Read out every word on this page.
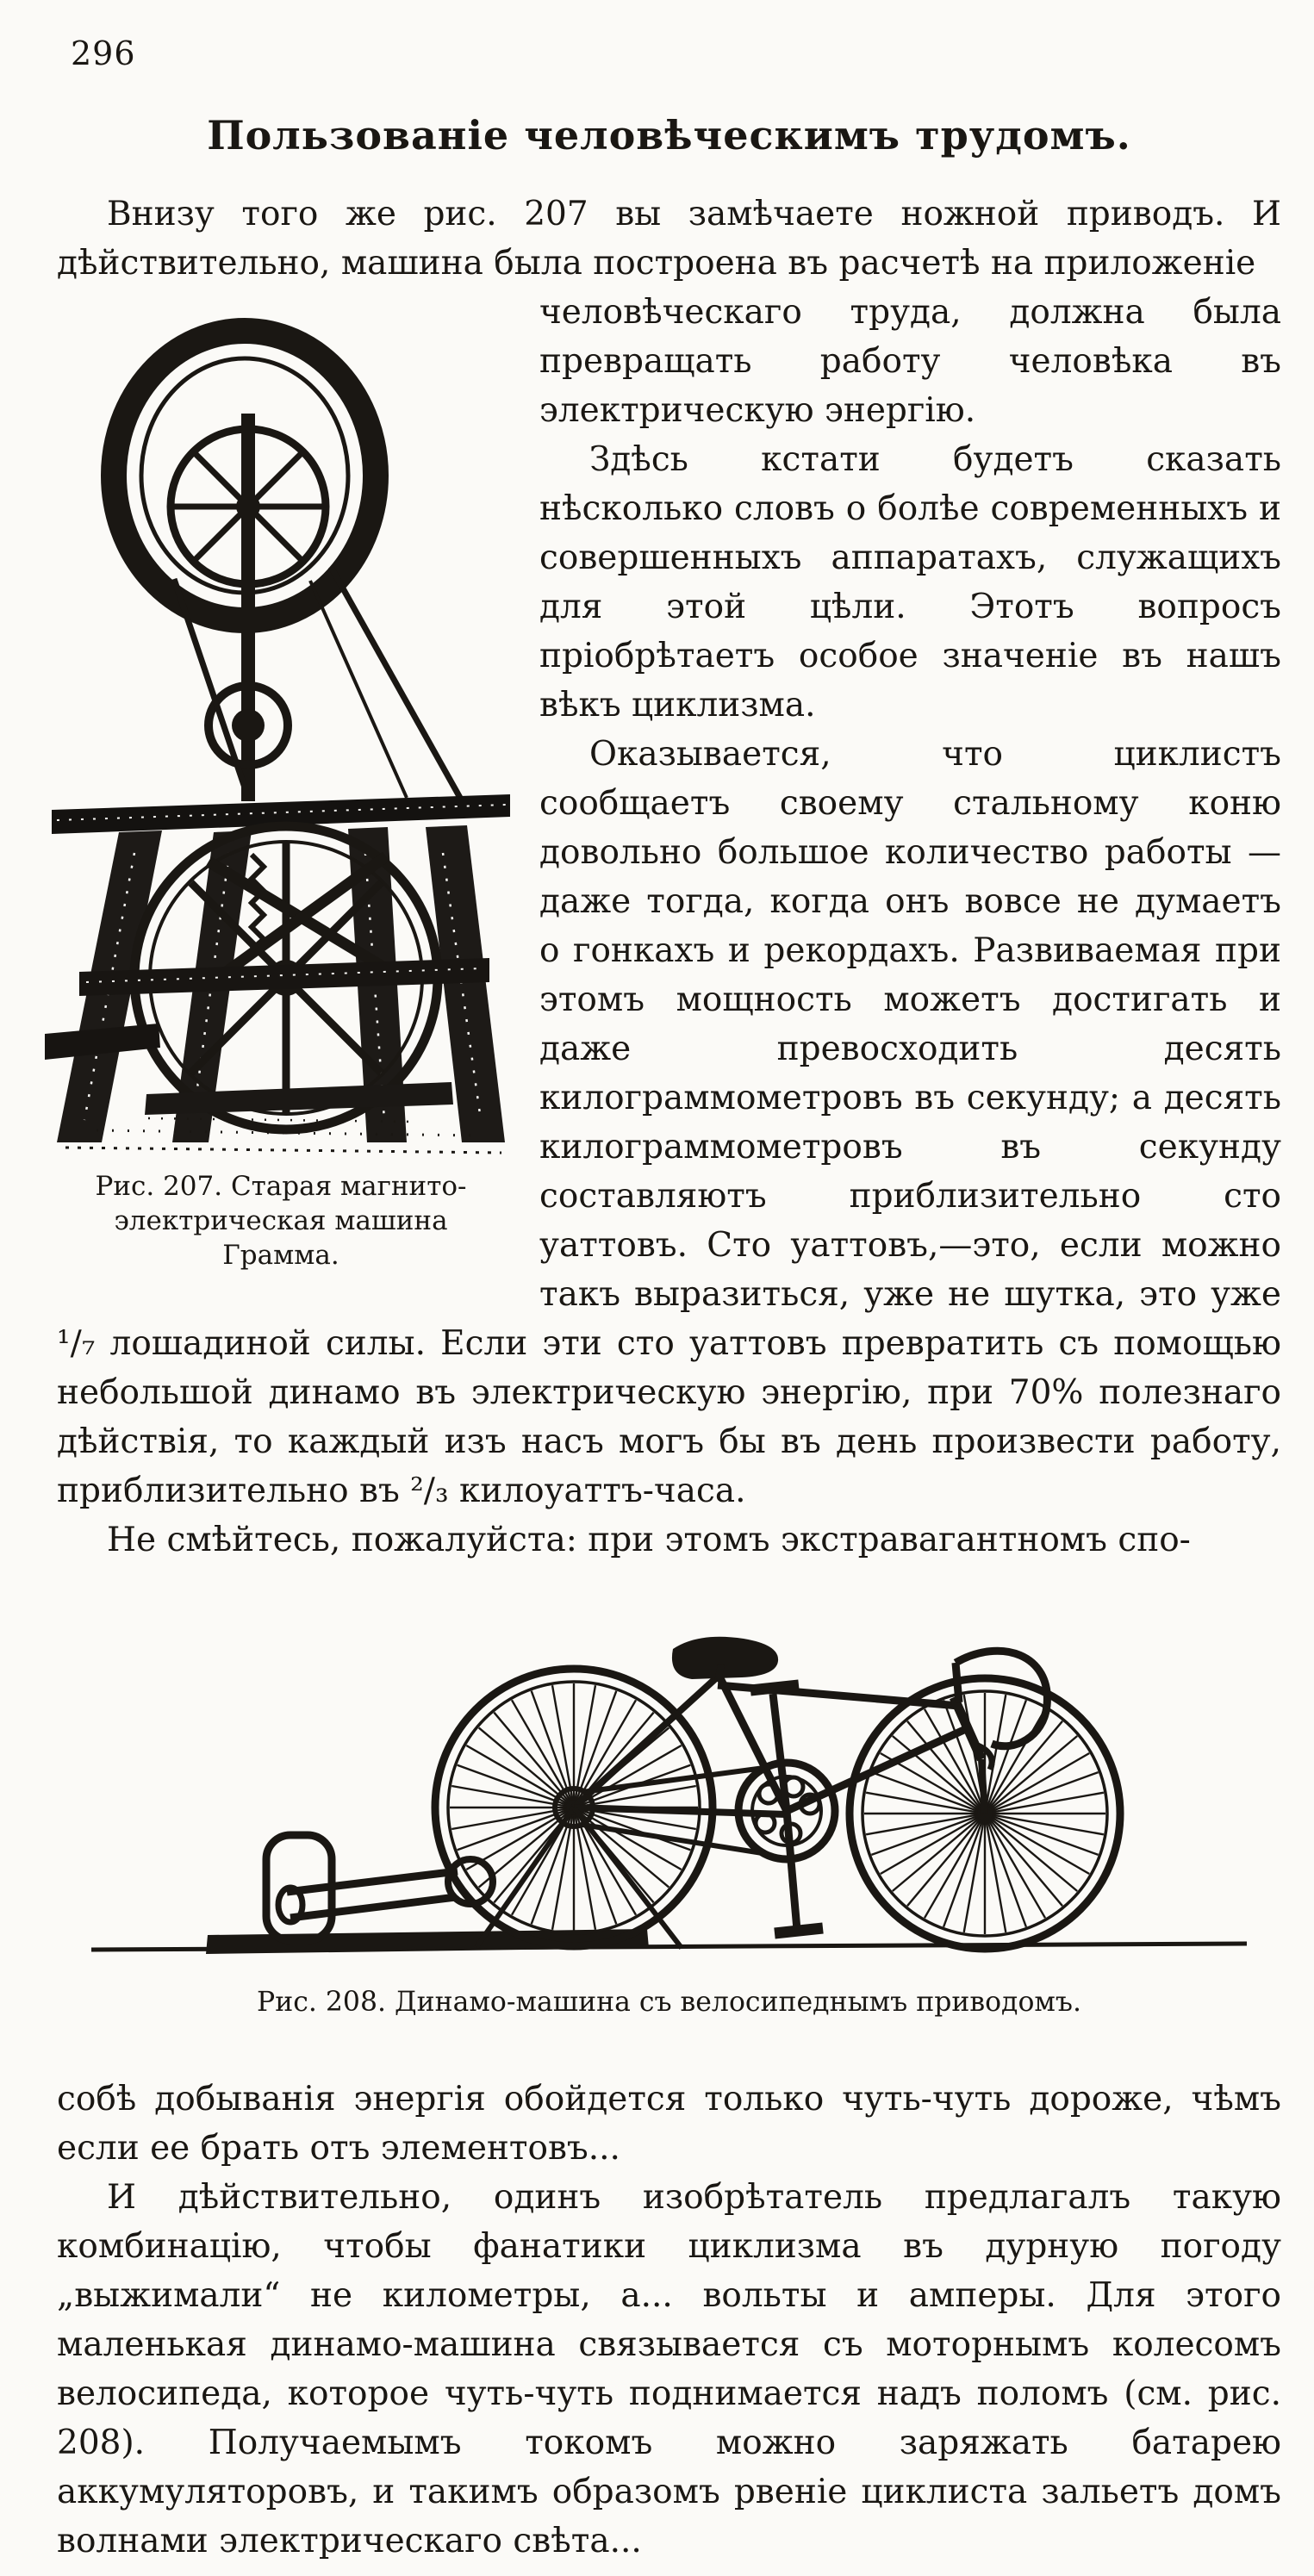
296
Пользованіе человѣческимъ трудомъ.

Внизу того же рис. 207 вы замѣчаете ножной приводъ. И дѣйствительно, машина была построена въ расчетѣ на приложеніе

Рис. 207. Старая магнито-электрическая машина Грамма.

человѣческаго труда, должна была превращать работу человѣка въ электрическую энергію.

Здѣсь кстати будетъ сказать нѣсколько словъ о болѣе современныхъ и совершенныхъ аппаратахъ, служащихъ для этой цѣли. Этотъ вопросъ пріобрѣтаетъ особое значеніе въ нашъ вѣкъ циклизма.

Оказывается, что циклистъ сообщаетъ своему стальному коню довольно большое количество работы — даже тогда, когда онъ вовсе не думаетъ о гонкахъ и рекордахъ. Развиваемая при этомъ мощность можетъ достигать и даже превосходить десять килограммометровъ въ секунду; а десять килограммометровъ въ секунду составляютъ приблизительно сто уаттовъ. Сто уаттовъ,—это, если можно такъ выразиться, уже не шутка, это уже ¹/₇ лошадиной силы. Если эти сто уаттовъ превратить съ помощью небольшой динамо въ электрическую энергію, при 70% полезнаго дѣйствія, то каждый изъ насъ могъ бы въ день произвести работу, приблизительно въ ²/₃ килоуаттъ-часа.

Не смѣйтесь, пожалуйста: при этомъ экстравагантномъ спо-

Рис. 208. Динамо-машина съ велосипеднымъ приводомъ.

собѣ добыванія энергія обойдется только чуть-чуть дороже, чѣмъ если ее брать отъ элементовъ...

И дѣйствительно, одинъ изобрѣтатель предлагалъ такую комбинацію, чтобы фанатики циклизма въ дурную погоду „выжимали“ не километры, а... вольты и амперы. Для этого маленькая динамо-машина связывается съ моторнымъ колесомъ велосипеда, которое чуть-чуть поднимается надъ поломъ (см. рис. 208). Получаемымъ токомъ можно заряжать батарею аккумуляторовъ, и такимъ образомъ рвеніе циклиста зальетъ домъ волнами электрическаго свѣта...
